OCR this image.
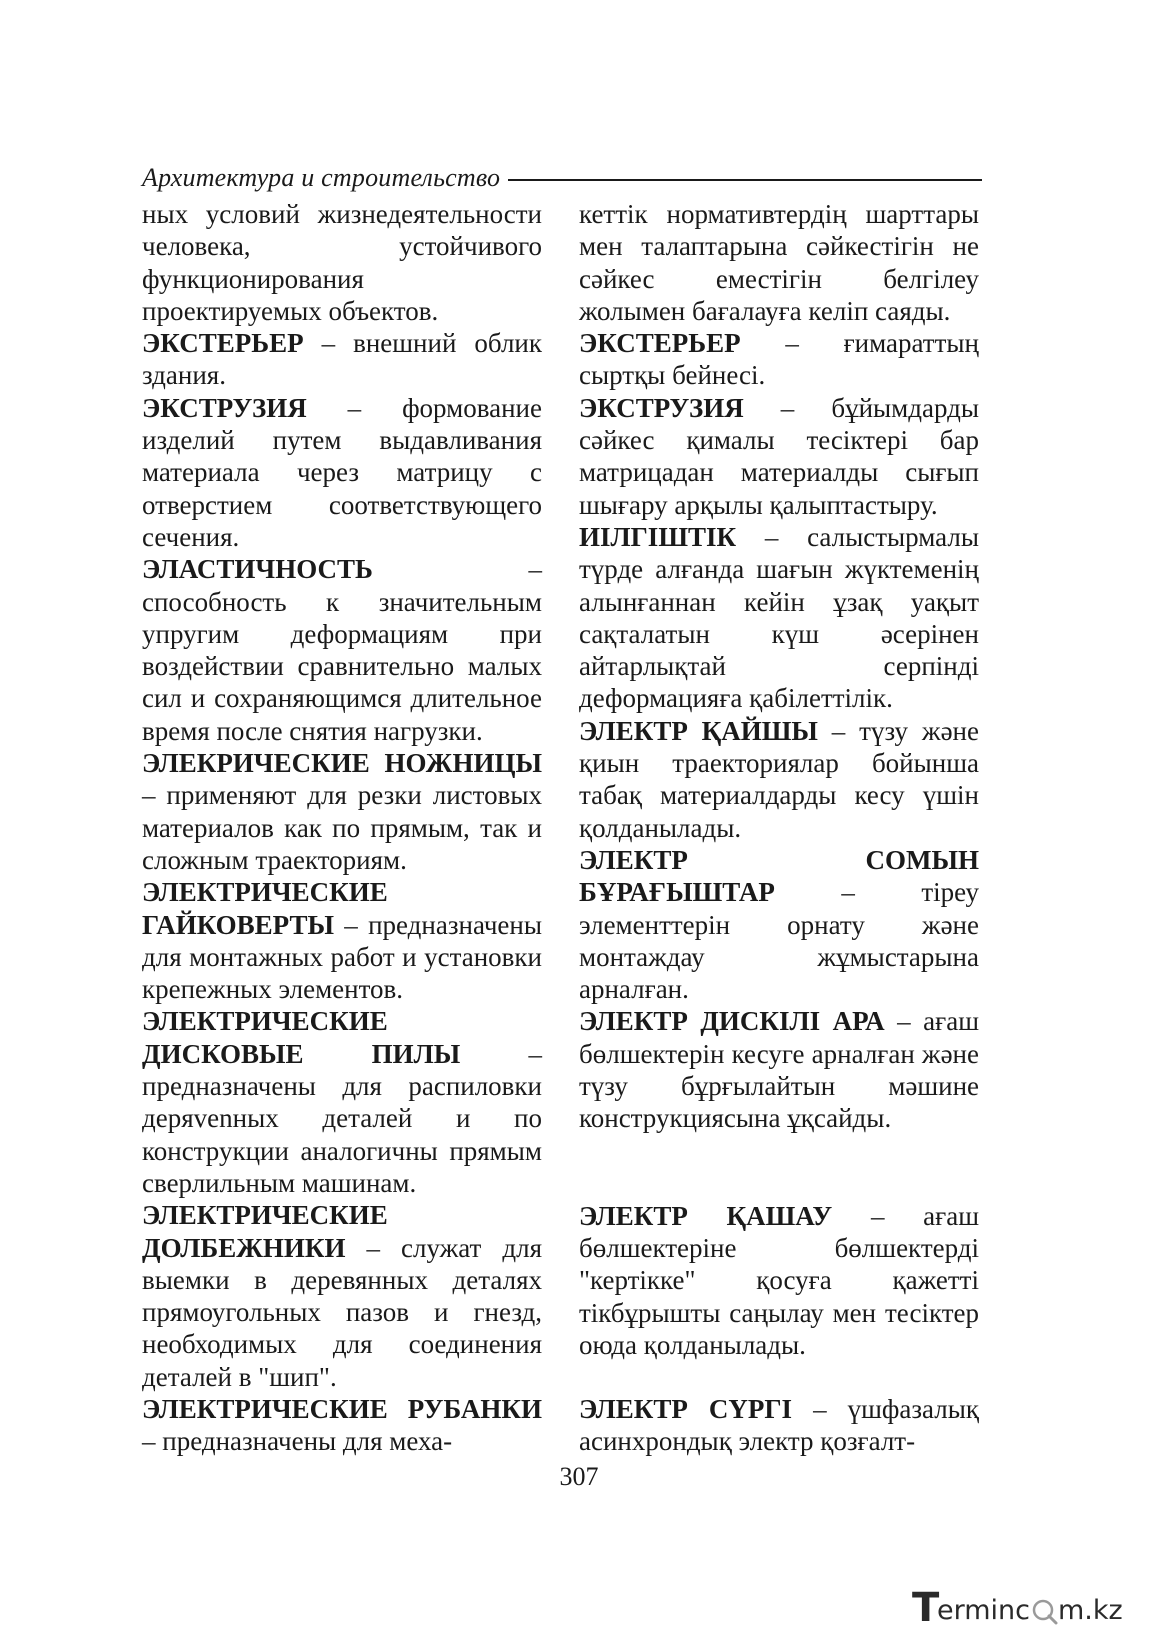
Архитектура и строительство

ных условий жизнедеятельности человека, устойчивого функционирования проектируемых объектов.

ЭКСТЕРЬЕР – внешний облик здания.

ЭКСТРУЗИЯ – формование изделий путем выдавливания материала через матрицу с отверстием соответствующего сечения.

ЭЛАСТИЧНОСТЬ – способность к значительным упругим деформациям при воздействии сравнительно малых сил и сохраняющимся длительное время после снятия нагрузки.

ЭЛЕКРИЧЕСКИЕ НОЖНИЦЫ – применяют для резки листовых материалов как по прямым, так и сложным траекториям.

ЭЛЕКТРИЧЕСКИЕ ГАЙКОВЕРТЫ – предназначены для монтажных работ и установки крепежных элементов.

ЭЛЕКТРИЧЕСКИЕ ДИСКОВЫЕ ПИЛЫ – предназначены для распиловки деряvenных деталей и по конструкции аналогичны прямым сверлильным машинам.

ЭЛЕКТРИЧЕСКИЕ ДОЛБЕЖНИКИ – служат для выемки в деревянных деталях прямоугольных пазов и гнезд, необходимых для соединения деталей в "шип".

ЭЛЕКТРИЧЕСКИЕ РУБАНКИ – предназначены для меха-

кеттік нормативтердің шарттары мен талаптарына сәйкестігін не сәйкес еместігін белгілеу жолымен бағалауға келіп саяды.

ЭКСТЕРЬЕР – ғимараттың сыртқы бейнесі.

ЭКСТРУЗИЯ – бұйымдарды сәйкес қималы тесіктері бар матрицадан материалды сығып шығару арқылы қалыптастыру.

ИІЛГІШТІК – салыстырмалы түрде алғанда шағын жүктеменің алынғаннан кейін ұзақ уақыт сақталатын күш әсерінен айтарлықтай серпінді деформацияға қабілеттілік.

ЭЛЕКТР ҚАЙШЫ – түзу және қиын траекториялар бойынша табақ материалдарды кесу үшін қолданылады.

ЭЛЕКТР СОМЫН БҰРАҒЫШТАР – тіреу элементтерін орнату және монтаждау жұмыстарына арналған.

ЭЛЕКТР ДИСКІЛІ АРА – ағаш бөлшектерін кесуге арналған және түзу бұрғылайтын мәшине конструкциясына ұқсайды.

ЭЛЕКТР ҚАШАУ – ағаш бөлшектеріне бөлшектерді "кертікке" қосуға қажетті тікбұрышты саңылау мен тесіктер оюда қолданылады.

ЭЛЕКТР СҮРГІ – үшфазалық асинхрондық электр қозғалт-

307
T
erminc m.kz
